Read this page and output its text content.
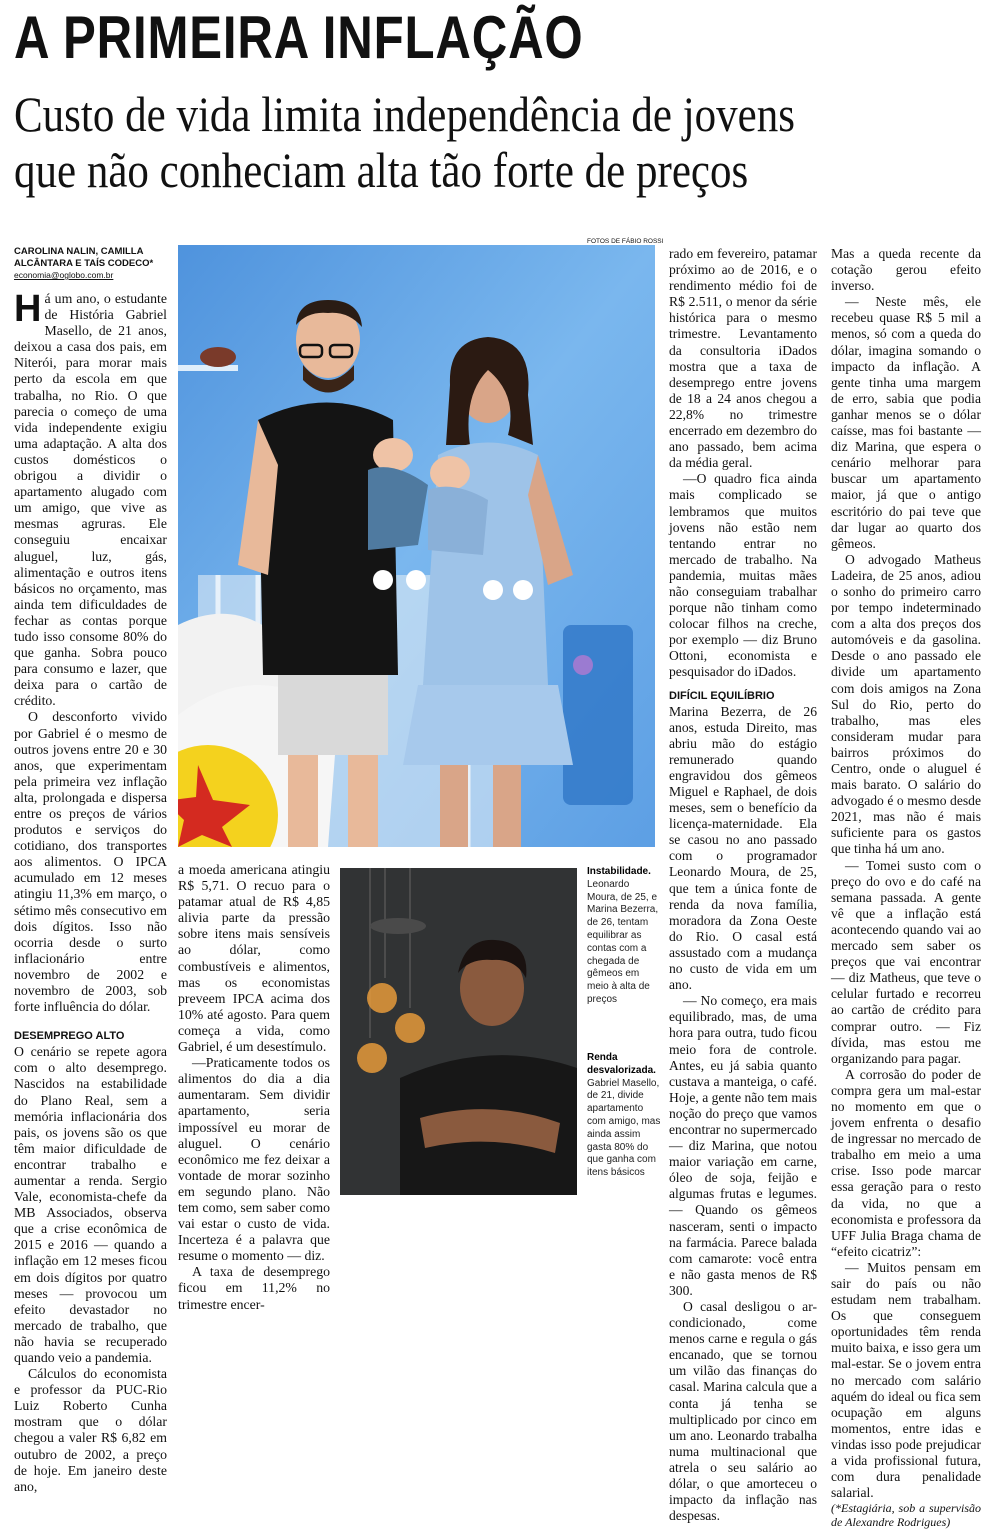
A PRIMEIRA INFLAÇÃO
Custo de vida limita independência de jovens
que não conheciam alta tão forte de preços
CAROLINA NALIN, CAMILLA
ALCÂNTARA E TAÍS CODECO*
economia@oglobo.com.br

Há um ano, o estudante de História Gabriel Masello, de 21 anos, deixou a casa dos pais, em Niterói, para morar mais perto da escola em que trabalha, no Rio. O que parecia o começo de uma vida independente exigiu uma adaptação. A alta dos custos domésticos o obrigou a dividir o apartamento alugado com um amigo, que vive as mesmas agruras. Ele conseguiu encaixar aluguel, luz, gás, alimentação e outros itens básicos no orçamento, mas ainda tem dificuldades de fechar as contas porque tudo isso consome 80% do que ganha. Sobra pouco para consumo e lazer, que deixa para o cartão de crédito.

O desconforto vivido por Gabriel é o mesmo de outros jovens entre 20 e 30 anos, que experimentam pela primeira vez inflação alta, prolongada e dispersa entre os preços de vários produtos e serviços do cotidiano, dos transportes aos alimentos. O IPCA acumulado em 12 meses atingiu 11,3% em março, o sétimo mês consecutivo em dois dígitos. Isso não ocorria desde o surto inflacionário entre novembro de 2002 e novembro de 2003, sob forte influência do dólar.

DESEMPREGO ALTO

O cenário se repete agora com o alto desemprego. Nascidos na estabilidade do Plano Real, sem a memória inflacionária dos pais, os jovens são os que têm maior dificuldade de encontrar trabalho e aumentar a renda. Sergio Vale, economista-chefe da MB Associados, observa que a crise econômica de 2015 e 2016 — quando a inflação em 12 meses ficou em dois dígitos por quatro meses — provocou um efeito devastador no mercado de trabalho, que não havia se recuperado quando veio a pandemia.

Cálculos do economista e professor da PUC-Rio Luiz Roberto Cunha mostram que o dólar chegou a valer R$ 6,82 em outubro de 2002, a preço de hoje. Em janeiro deste ano,

FOTOS DE FÁBIO ROSSI

a moeda americana atingiu R$ 5,71. O recuo para o patamar atual de R$ 4,85 alivia parte da pressão sobre itens mais sensíveis ao dólar, como combustíveis e alimentos, mas os economistas preveem IPCA acima dos 10% até agosto. Para quem começa a vida, como Gabriel, é um desestímulo.

—Praticamente todos os alimentos do dia a dia aumentaram. Sem dividir apartamento, seria impossível eu morar de aluguel. O cenário econômico me fez deixar a vontade de morar sozinho em segundo plano. Não tem como, sem saber como vai estar o custo de vida. Incerteza é a palavra que resume o momento — diz.

A taxa de desemprego ficou em 11,2% no trimestre encer-

Instabilidade.
Leonardo Moura, de 25, e Marina Bezerra, de 26, tentam equilibrar as contas com a chegada de gêmeos em meio à alta de preços
Renda desvalorizada.
Gabriel Masello, de 21, divide apartamento com amigo, mas ainda assim gasta 80% do que ganha com itens básicos

rado em fevereiro, patamar próximo ao de 2016, e o rendimento médio foi de R$ 2.511, o menor da série histórica para o mesmo trimestre. Levantamento da consultoria iDados mostra que a taxa de desemprego entre jovens de 18 a 24 anos chegou a 22,8% no trimestre encerrado em dezembro do ano passado, bem acima da média geral.

—O quadro fica ainda mais complicado se lembramos que muitos jovens não estão nem tentando entrar no mercado de trabalho. Na pandemia, muitas mães não conseguiam trabalhar porque não tinham como colocar filhos na creche, por exemplo — diz Bruno Ottoni, economista e pesquisador do iDados.

DIFÍCIL EQUILÍBRIO

Marina Bezerra, de 26 anos, estuda Direito, mas abriu mão do estágio remunerado quando engravidou dos gêmeos Miguel e Raphael, de dois meses, sem o benefício da licença-maternidade. Ela se casou no ano passado com o programador Leonardo Moura, de 25, que tem a única fonte de renda da nova família, moradora da Zona Oeste do Rio. O casal está assustado com a mudança no custo de vida em um ano.

— No começo, era mais equilibrado, mas, de uma hora para outra, tudo ficou meio fora de controle. Antes, eu já sabia quanto custava a manteiga, o café. Hoje, a gente não tem mais noção do preço que vamos encontrar no supermercado — diz Marina, que notou maior variação em carne, óleo de soja, feijão e algumas frutas e legumes. — Quando os gêmeos nasceram, senti o impacto na farmácia. Parece balada com camarote: você entra e não gasta menos de R$ 300.

O casal desligou o ar-condicionado, come menos carne e regula o gás encanado, que se tornou um vilão das finanças do casal. Marina calcula que a conta já tenha se multiplicado por cinco em um ano. Leonardo trabalha numa multinacional que atrela o seu salário ao dólar, o que amorteceu o impacto da inflação nas despesas.

Mas a queda recente da cotação gerou efeito inverso.

— Neste mês, ele recebeu quase R$ 5 mil a menos, só com a queda do dólar, imagina somando o impacto da inflação. A gente tinha uma margem de erro, sabia que podia ganhar menos se o dólar caísse, mas foi bastante — diz Marina, que espera o cenário melhorar para buscar um apartamento maior, já que o antigo escritório do pai teve que dar lugar ao quarto dos gêmeos.

O advogado Matheus Ladeira, de 25 anos, adiou o sonho do primeiro carro por tempo indeterminado com a alta dos preços dos automóveis e da gasolina. Desde o ano passado ele divide um apartamento com dois amigos na Zona Sul do Rio, perto do trabalho, mas eles consideram mudar para bairros próximos do Centro, onde o aluguel é mais barato. O salário do advogado é o mesmo desde 2021, mas não é mais suficiente para os gastos que tinha há um ano.

— Tomei susto com o preço do ovo e do café na semana passada. A gente vê que a inflação está acontecendo quando vai ao mercado sem saber os preços que vai encontrar — diz Matheus, que teve o celular furtado e recorreu ao cartão de crédito para comprar outro. — Fiz dívida, mas estou me organizando para pagar.

A corrosão do poder de compra gera um mal-estar no momento em que o jovem enfrenta o desafio de ingressar no mercado de trabalho em meio a uma crise. Isso pode marcar essa geração para o resto da vida, no que a economista e professora da UFF Julia Braga chama de “efeito cicatriz”:

— Muitos pensam em sair do país ou não estudam nem trabalham. Os que conseguem oportunidades têm renda muito baixa, e isso gera um mal-estar. Se o jovem entra no mercado com salário aquém do ideal ou fica sem ocupação em alguns momentos, entre idas e vindas isso pode prejudicar a vida profissional futura, com dura penalidade salarial.

(*Estagiária, sob a supervisão de Alexandre Rodrigues)
